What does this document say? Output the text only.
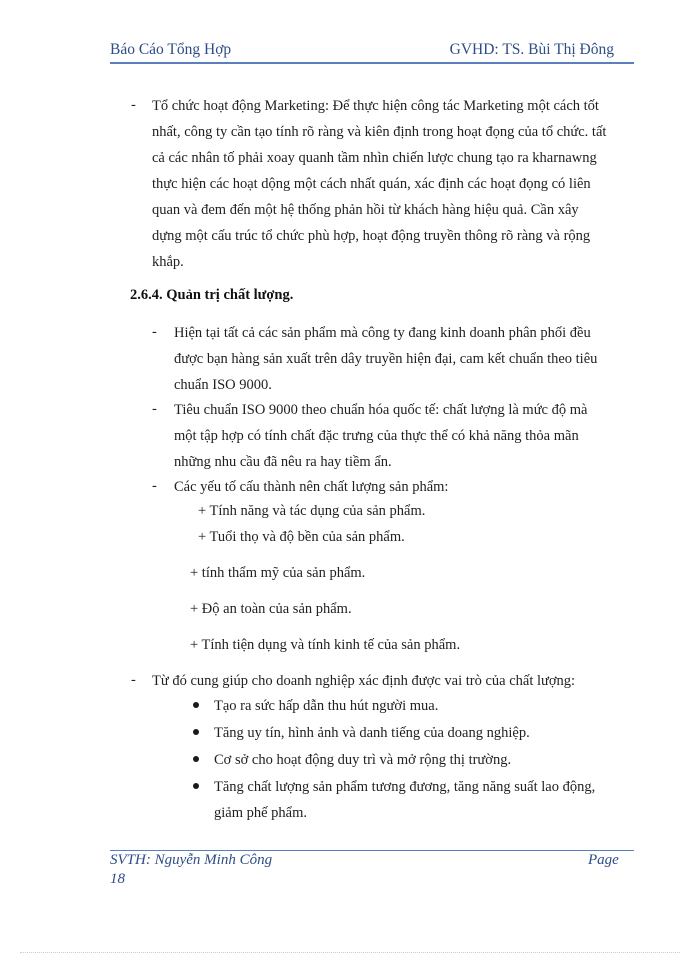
Báo Cáo Tổng Hợp	GVHD: TS. Bùi Thị Đông
- Tổ chức hoạt động Marketing: Để thực hiện công tác Marketing một cách tốt
nhất, công ty cần tạo tính rõ ràng và kiên định trong hoạt đọng của tổ chức. tất
cả các nhân tố phải xoay quanh tầm nhìn chiến lược chung tạo ra kharnawng
thực hiện các hoạt dộng một cách nhất quán, xác định các hoạt đọng có liên
quan và đem đến một hệ thống phản hồi từ khách hàng hiệu quả. Cần xây
dựng một cấu trúc tổ chức phù hợp, hoạt động truyền thông rõ ràng và rộng
khắp.
2.6.4. Quản trị chất lượng.
- Hiện tại tất cả các sản phẩm mà công ty đang kinh doanh phân phối đều
được bạn hàng sản xuất trên dây truyền hiện đại, cam kết chuẩn theo tiêu
chuẩn ISO 9000.
- Tiêu chuẩn ISO 9000 theo chuẩn hóa quốc tế: chất lượng là mức độ mà
một tập hợp có tính chất đặc trưng của thực thể có khả năng thỏa mãn
những nhu cầu đã nêu ra hay tiềm ẩn.
- Các yếu tố cấu thành nên chất lượng sản phẩm:
+ Tính năng và tác dụng của sản phẩm.
+ Tuổi thọ và độ bền của sản phẩm.
+ tính thẩm mỹ của sản phẩm.
+ Độ an toàn của sản phẩm.
+ Tính tiện dụng và tính kinh tế của sản phẩm.
- Từ đó cung giúp cho doanh nghiệp xác định được vai trò của chất lượng:
Tạo ra sức hấp dẫn thu hút người mua.
Tăng uy tín, hình ảnh và danh tiếng của doang nghiệp.
Cơ sở cho hoạt động duy trì và mở rộng thị trường.
Tăng chất lượng sản phẩm tương đương, tăng năng suất lao động,
giảm phế phẩm.
SVTH: Nguyễn Minh Công	Page
18
